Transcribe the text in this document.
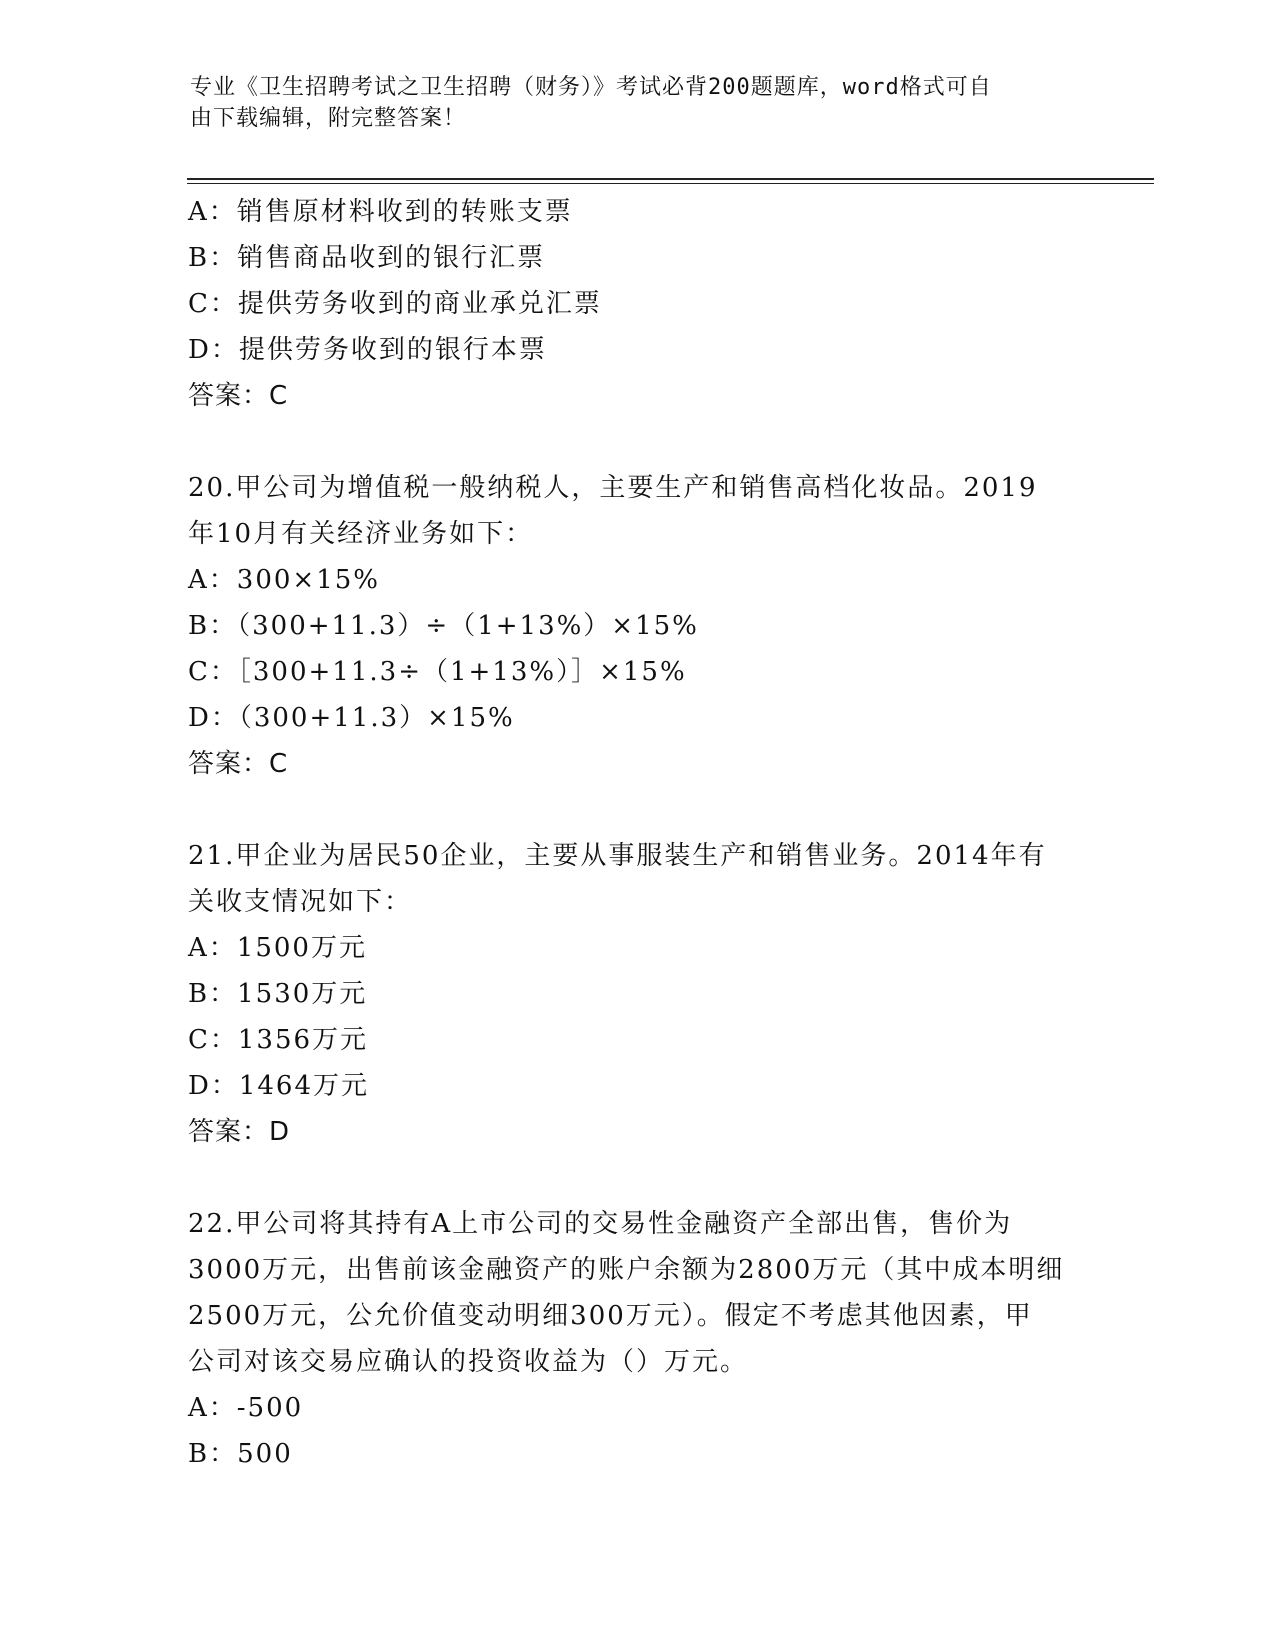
专业《卫生招聘考试之卫生招聘（财务）》考试必背200题题库，word格式可自
由下载编辑，附完整答案！
A：销售原材料收到的转账支票
B：销售商品收到的银行汇票
C：提供劳务收到的商业承兑汇票
D：提供劳务收到的银行本票
答案：C
20.甲公司为增值税一般纳税人，主要生产和销售高档化妆品。2019
年10月有关经济业务如下：
A：300×15%
B：（300+11.3）÷（1+13%）×15%
C：［300+11.3÷（1+13%）］×15%
D：（300+11.3）×15%
答案：C
21.甲企业为居民50企业，主要从事服装生产和销售业务。2014年有
关收支情况如下：
A：1500万元
B：1530万元
C：1356万元
D：1464万元
答案：D
22.甲公司将其持有A上市公司的交易性金融资产全部出售，售价为
3000万元，出售前该金融资产的账户余额为2800万元（其中成本明细
2500万元，公允价值变动明细300万元）。假定不考虑其他因素，甲
公司对该交易应确认的投资收益为（）万元。
A：-500
B：500
